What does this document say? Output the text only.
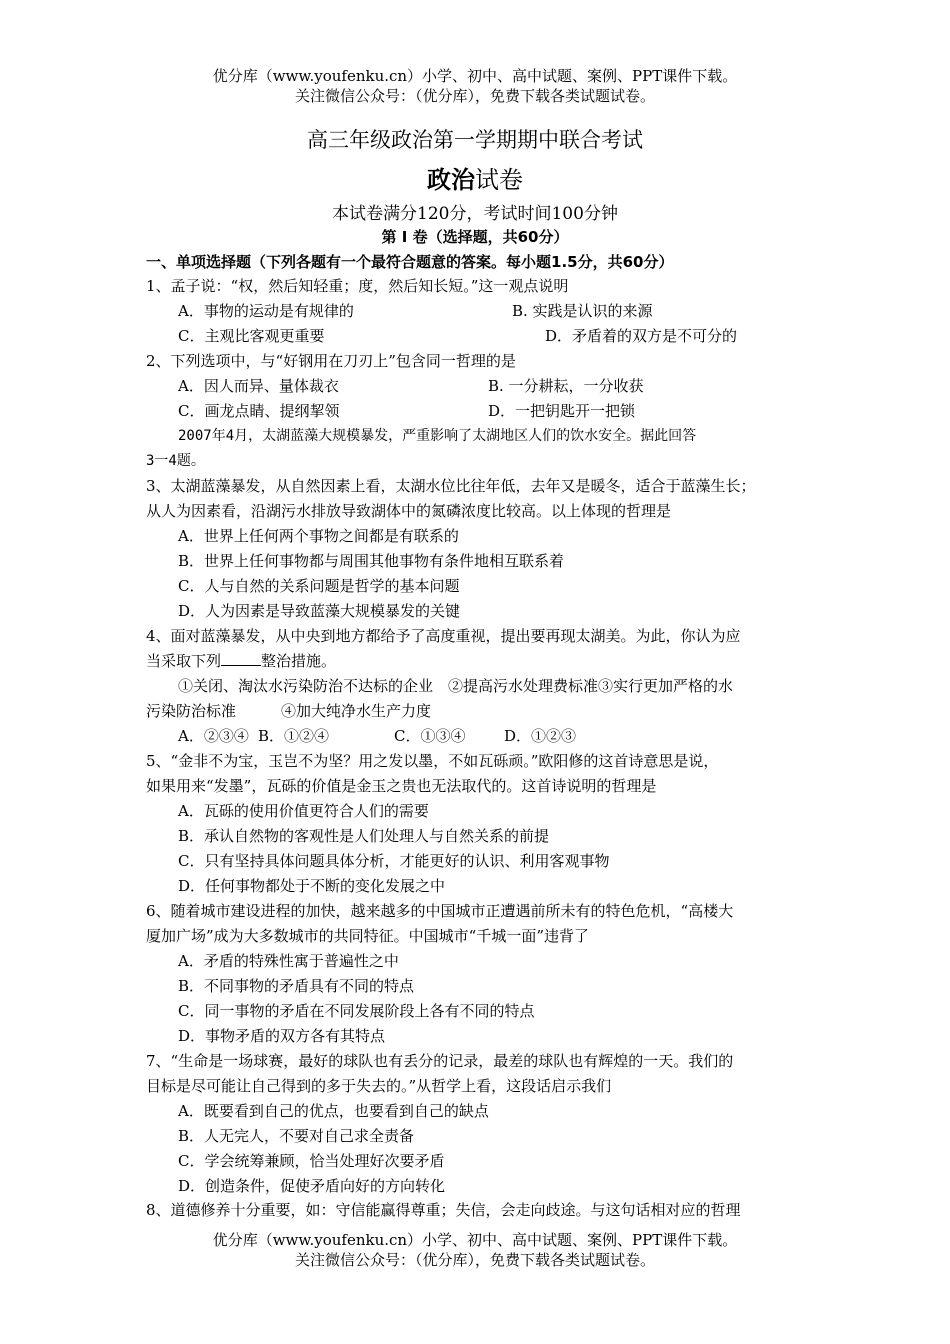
优分库（www.youfenku.cn）小学、初中、高中试题、案例、PPT课件下载。
关注微信公众号：（优分库），免费下载各类试题试卷。
高三年级政治第一学期期中联合考试
政治试卷
本试卷满分120分，考试时间100分钟
第 Ⅰ 卷（选择题，共60分）
一、单项选择题（下列各题有一个最符合题意的答案。每小题1.5分，共60分）
1、孟子说：“权，然后知轻重；度，然后知长短。”这一观点说明
A．事物的运动是有规律的	B. 实践是认识的来源
C．主观比客观更重要	D．矛盾着的双方是不可分的
2、下列选项中，与“好钢用在刀刃上”包含同一哲理的是
A．因人而异、量体裁衣	B. 一分耕耘，一分收获
C．画龙点睛、提纲挈领	D．一把钥匙开一把锁
2007年4月，太湖蓝藻大规模暴发，严重影响了太湖地区人们的饮水安全。据此回答
3一4题。
3、太湖蓝藻暴发，从自然因素上看，太湖水位比往年低，去年又是暖冬，适合于蓝藻生长；
从人为因素看，沿湖污水排放导致湖体中的氮磷浓度比较高。以上体现的哲理是
A．世界上任何两个事物之间都是有联系的
B．世界上任何事物都与周围其他事物有条件地相互联系着
C．人与自然的关系问题是哲学的基本问题
D．人为因素是导致蓝藻大规模暴发的关键
4、面对蓝藻暴发，从中央到地方都给予了高度重视，提出要再现太湖美。为此，你认为应
当采取下列	整治措施。
①关闭、淘汰水污染防治不达标的企业　②提高污水处理费标准③实行更加严格的水
污染防治标准　　　④加大纯净水生产力度
A．②③④ B．①②④	C．①③④	D．①②③
5、“金非不为宝，玉岂不为坚？用之发以墨，不如瓦砾顽。”欧阳修的这首诗意思是说，
如果用来“发墨”，瓦砾的价值是金玉之贵也无法取代的。这首诗说明的哲理是
A．瓦砾的使用价值更符合人们的需要
B．承认自然物的客观性是人们处理人与自然关系的前提
C．只有坚持具体问题具体分析，才能更好的认识、利用客观事物
D．任何事物都处于不断的变化发展之中
6、随着城市建设进程的加快，越来越多的中国城市正遭遇前所未有的特色危机，“高楼大
厦加广场”成为大多数城市的共同特征。中国城市“千城一面”违背了
A．矛盾的特殊性寓于普遍性之中
B．不同事物的矛盾具有不同的特点
C．同一事物的矛盾在不同发展阶段上各有不同的特点
D．事物矛盾的双方各有其特点
7、“生命是一场球赛，最好的球队也有丢分的记录，最差的球队也有辉煌的一天。我们的
目标是尽可能让自己得到的多于失去的。”从哲学上看，这段话启示我们
A．既要看到自己的优点，也要看到自己的缺点
B．人无完人，不要对自己求全责备
C．学会统筹兼顾，恰当处理好次要矛盾
D．创造条件，促使矛盾向好的方向转化
8、道德修养十分重要，如：守信能赢得尊重；失信，会走向歧途。与这句话相对应的哲理
优分库（www.youfenku.cn）小学、初中、高中试题、案例、PPT课件下载。
关注微信公众号：（优分库），免费下载各类试题试卷。
